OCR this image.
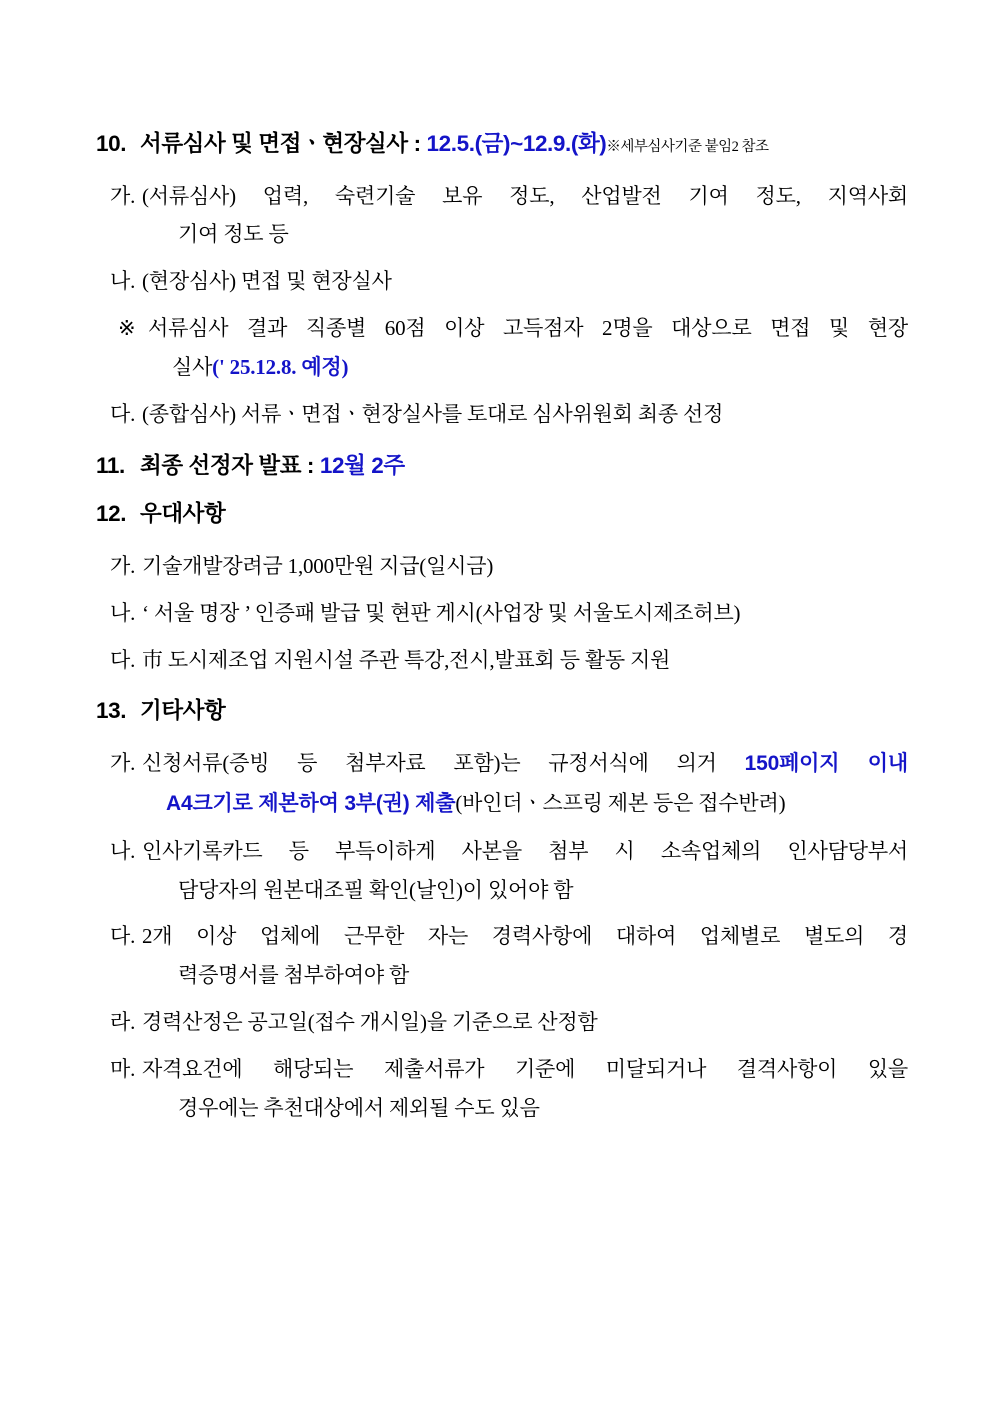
10. 서류심사 및 면접ㆍ현장실사 : 12.5.(금)~12.9.(화)※세부심사기준 붙임2 참조
가. (서류심사) 업력, 숙련기술 보유 정도, 산업발전 기여 정도, 지역사회
기여 정도 등
나. (현장심사) 면접 및 현장실사
※ 서류심사 결과 직종별 60점 이상 고득점자 2명을 대상으로 면접 및 현장
실사(' 25.12.8. 예정)
다. (종합심사) 서류ㆍ면접ㆍ현장실사를 토대로 심사위원회 최종 선정
11. 최종 선정자 발표 : 12월 2주
12. 우대사항
가. 기술개발장려금 1,000만원 지급(일시금)
나. ‘ 서울 명장 ’ 인증패 발급 및 현판 게시(사업장 및 서울도시제조허브)
다. 市 도시제조업 지원시설 주관 특강,전시,발표회 등 활동 지원
13. 기타사항
가. 신청서류(증빙 등 첨부자료 포함)는 규정서식에 의거 150페이지 이내
A4크기로 제본하여 3부(권) 제출(바인더ㆍ스프링 제본 등은 접수반려)
나. 인사기록카드 등 부득이하게 사본을 첨부 시 소속업체의 인사담당부서
담당자의 원본대조필 확인(날인)이 있어야 함
다. 2개 이상 업체에 근무한 자는 경력사항에 대하여 업체별로 별도의 경
력증명서를 첨부하여야 함
라. 경력산정은 공고일(접수 개시일)을 기준으로 산정함
마. 자격요건에 해당되는 제출서류가 기준에 미달되거나 결격사항이 있을
경우에는 추천대상에서 제외될 수도 있음
